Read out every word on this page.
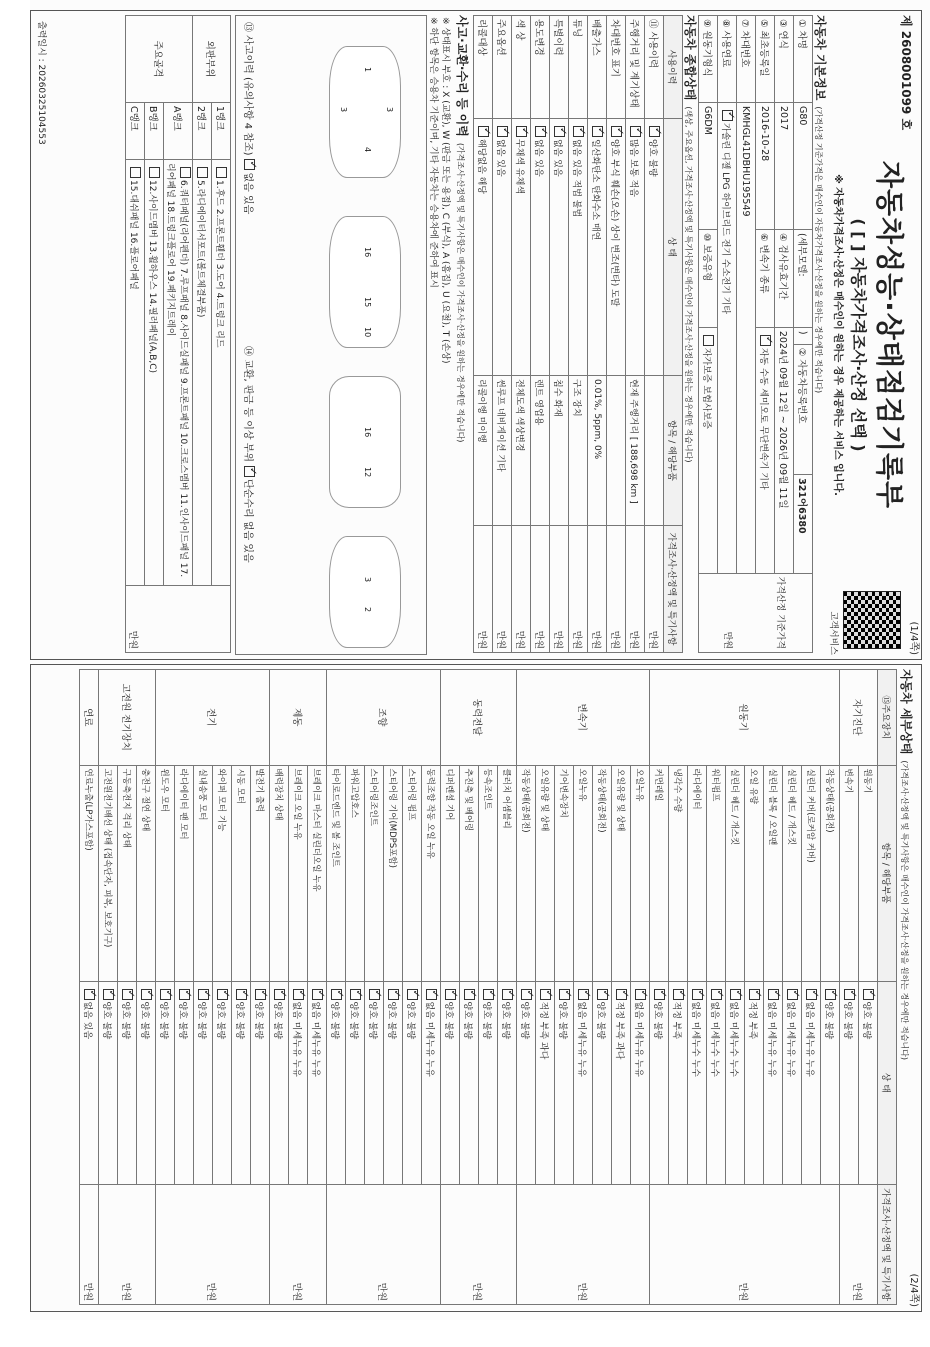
(1/4쪽)
제 2608001099 호
고객서비스
자동차성능·상태점검기록부
( [ ] 자동차가격조사·산정 선택 )
※ 자동차가격조사·산정은 매수인이 원하는 경우 제공하는 서비스 입니다.
자동차 기본정보(가격산정 기준가격은 매수인이 자동차가격조사·산정을 원하는 경우에만 적습니다)
① 차명	G80	(세부모델:	)	② 자동차등록번호	321어6380	가격산정 기준가격
만원

③ 연식	2017	④ 검사유효기간	2024년 09월 12일 ~ 2026년 09월 11일			
⑤ 최초등록일	2016-10-28	⑥ 변속기 종류	✓자동 수동 세미오토 무단변속기 기타
⑦ 차대번호	KMHGL41DBHU195549					
⑧ 사용연료	✓가솔린 디젤 LPG 하이브리드 전기 수소전기 기타
⑨ 원동기형식	G6DM	⑩ 보증유형	자가보증 보험사보증			
자동차 종합상태(색상, 주요옵션, 가격조사·산정액 및 특기사항은 매수인이 가격조사·산정을 원하는 경우에만 적습니다)
사용이력	상 태	항목 / 해당부품	가격조사·산정액 및 특기사항
⑪ 사용이력	✓양호 불량		만원
주행거리 및 계기상태	✓많음 보통 적음	현재 주행거리 [ 188,698 km ]	만원
차대번호 표기	✓양호 부식 훼손(오손) 상이 변조(변타) 도말		만원
배출가스	✓일산화탄소 탄화수소 매연	0.01%, 5ppm, 0%	만원
튜닝	✓없음 있음 적법 불법	구조 장치	만원
특별이력	✓없음 있음	침수 화재	만원
용도변경	✓없음 있음	렌트 영업용	만원
색 상	✓무채색 유채색	전체도색 색상변경	만원
주요옵션	✓없음 있음	썬루프 네비게이션 기타	만원
리콜대상	✓해당없음 해당	리콜이행 미이행	만원
사고·교환·수리 등 이력(가격조사·산정액 및 특기사항은 매수인이 가격조사·산정을 원하는 경우에만 적습니다)
※ 상태표시 부호 : X (교환), W (판금 또는 용접), C (부식), A (흠집), U (요철), T (손상)
※ 하단 항목은 승용차 기준이며, 기타 자동차는 승용차에 준하여 표시
1
3
3
4
16
15
10
16
12
3
2
⑬ 사고이력 (유의사항 4 참조)✓없음 있음
⑭ 교환, 판금 등 이상 부위✓단순수리 없음 있음
외판부위	1랭크	1.후드 2.프론트휀더 3.도어 4.트렁크 리드	만원
	2랭크	5.라디에이터서포트(볼트체결부품)	
주요골격	A랭크	6.쿼터패널(리어펜더) 7.루프패널 8.사이드실패널 9.프론트패널 10.크로스멤버 11.인사이드패널 17.리어패널 18.트렁크플로어 19.패키지트레이	
	B랭크	12.사이드멤버 13.휠하우스 14.필러패널(A,B,C)	
	C랭크	15.대쉬패널 16.플로어패널	
출력일시 : 20260325104553
(2/4쪽)
자동차 세부상태(가격조사·산정액 및 특기사항은 매수인이 가격조사·산정을 원하는 경우에만 적습니다)
⑮주요장치	항목 / 해당부품	상 태	가격조사·산정액 및 특기사항
자기진단	원동기	✓양호 불량	만원
	변속기	✓양호 불량
원동기	작동상태(공회전)	✓양호 불량	만원
	실린더 커버(로커암 커버)	✓없음 미세누유 누유
	실린더 헤드 / 개스킷	✓없음 미세누유 누유
	실린더 블록 / 오일팬	✓없음 미세누유 누유
	오일 유량	✓적정 부족
	실린더 헤드 / 개스킷	✓없음 미세누수 누수
	워터펌프	✓없음 미세누수 누수
	라디에이터	✓없음 미세누수 누수
	냉각수 수량	✓적정 부족
	커먼레일	✓양호 불량
변속기	오일누유	✓없음 미세누유 누유	만원
	오일유량 및 상태	✓적정 부족 과다
	작동상태(공회전)	✓양호 불량
	오일누유	✓없음 미세누유 누유
	기어변속장치	✓양호 불량
	오일유량 및 상태	✓적정 부족 과다
	작동상태(공회전)	✓양호 불량
동력전달	클러치 어셈블리	✓양호 불량	만원
	등속조인트	✓양호 불량
	추진축 및 베어링	✓양호 불량
	디퍼렌셜 기어	✓양호 불량
조향	동력조향 작동 오일 누유	✓없음 미세누유 누유	만원
	스티어링 펌프	✓양호 불량
	스티어링 기어(MDPS포함)	✓양호 불량
	스티어링조인트	✓양호 불량
	파워고압호스	✓양호 불량
	타이로드엔드 및 볼 조인트	✓양호 불량
제동	브레이크 마스터 실린더오일 누유	✓없음 미세누유 누유	만원
	브레이크 오일 누유	✓없음 미세누유 누유
	배력장치 상태	✓양호 불량
전기	발전기 출력	✓양호 불량	만원
	시동 모터	✓양호 불량
	와이퍼 모터 기능	✓양호 불량
	실내송풍 모터	✓양호 불량
	라디에이터 팬 모터	✓양호 불량
	윈도우 모터	✓양호 불량
고전원 전기장치	충전구 절연 상태	✓양호 불량	만원
	구동축전지 격리 상태	✓양호 불량
	고전원전기배선 상태 (접속단자, 피복, 보호기구)	✓양호 불량
연료	연료누출(LP가스포함)	✓없음 있음	만원
